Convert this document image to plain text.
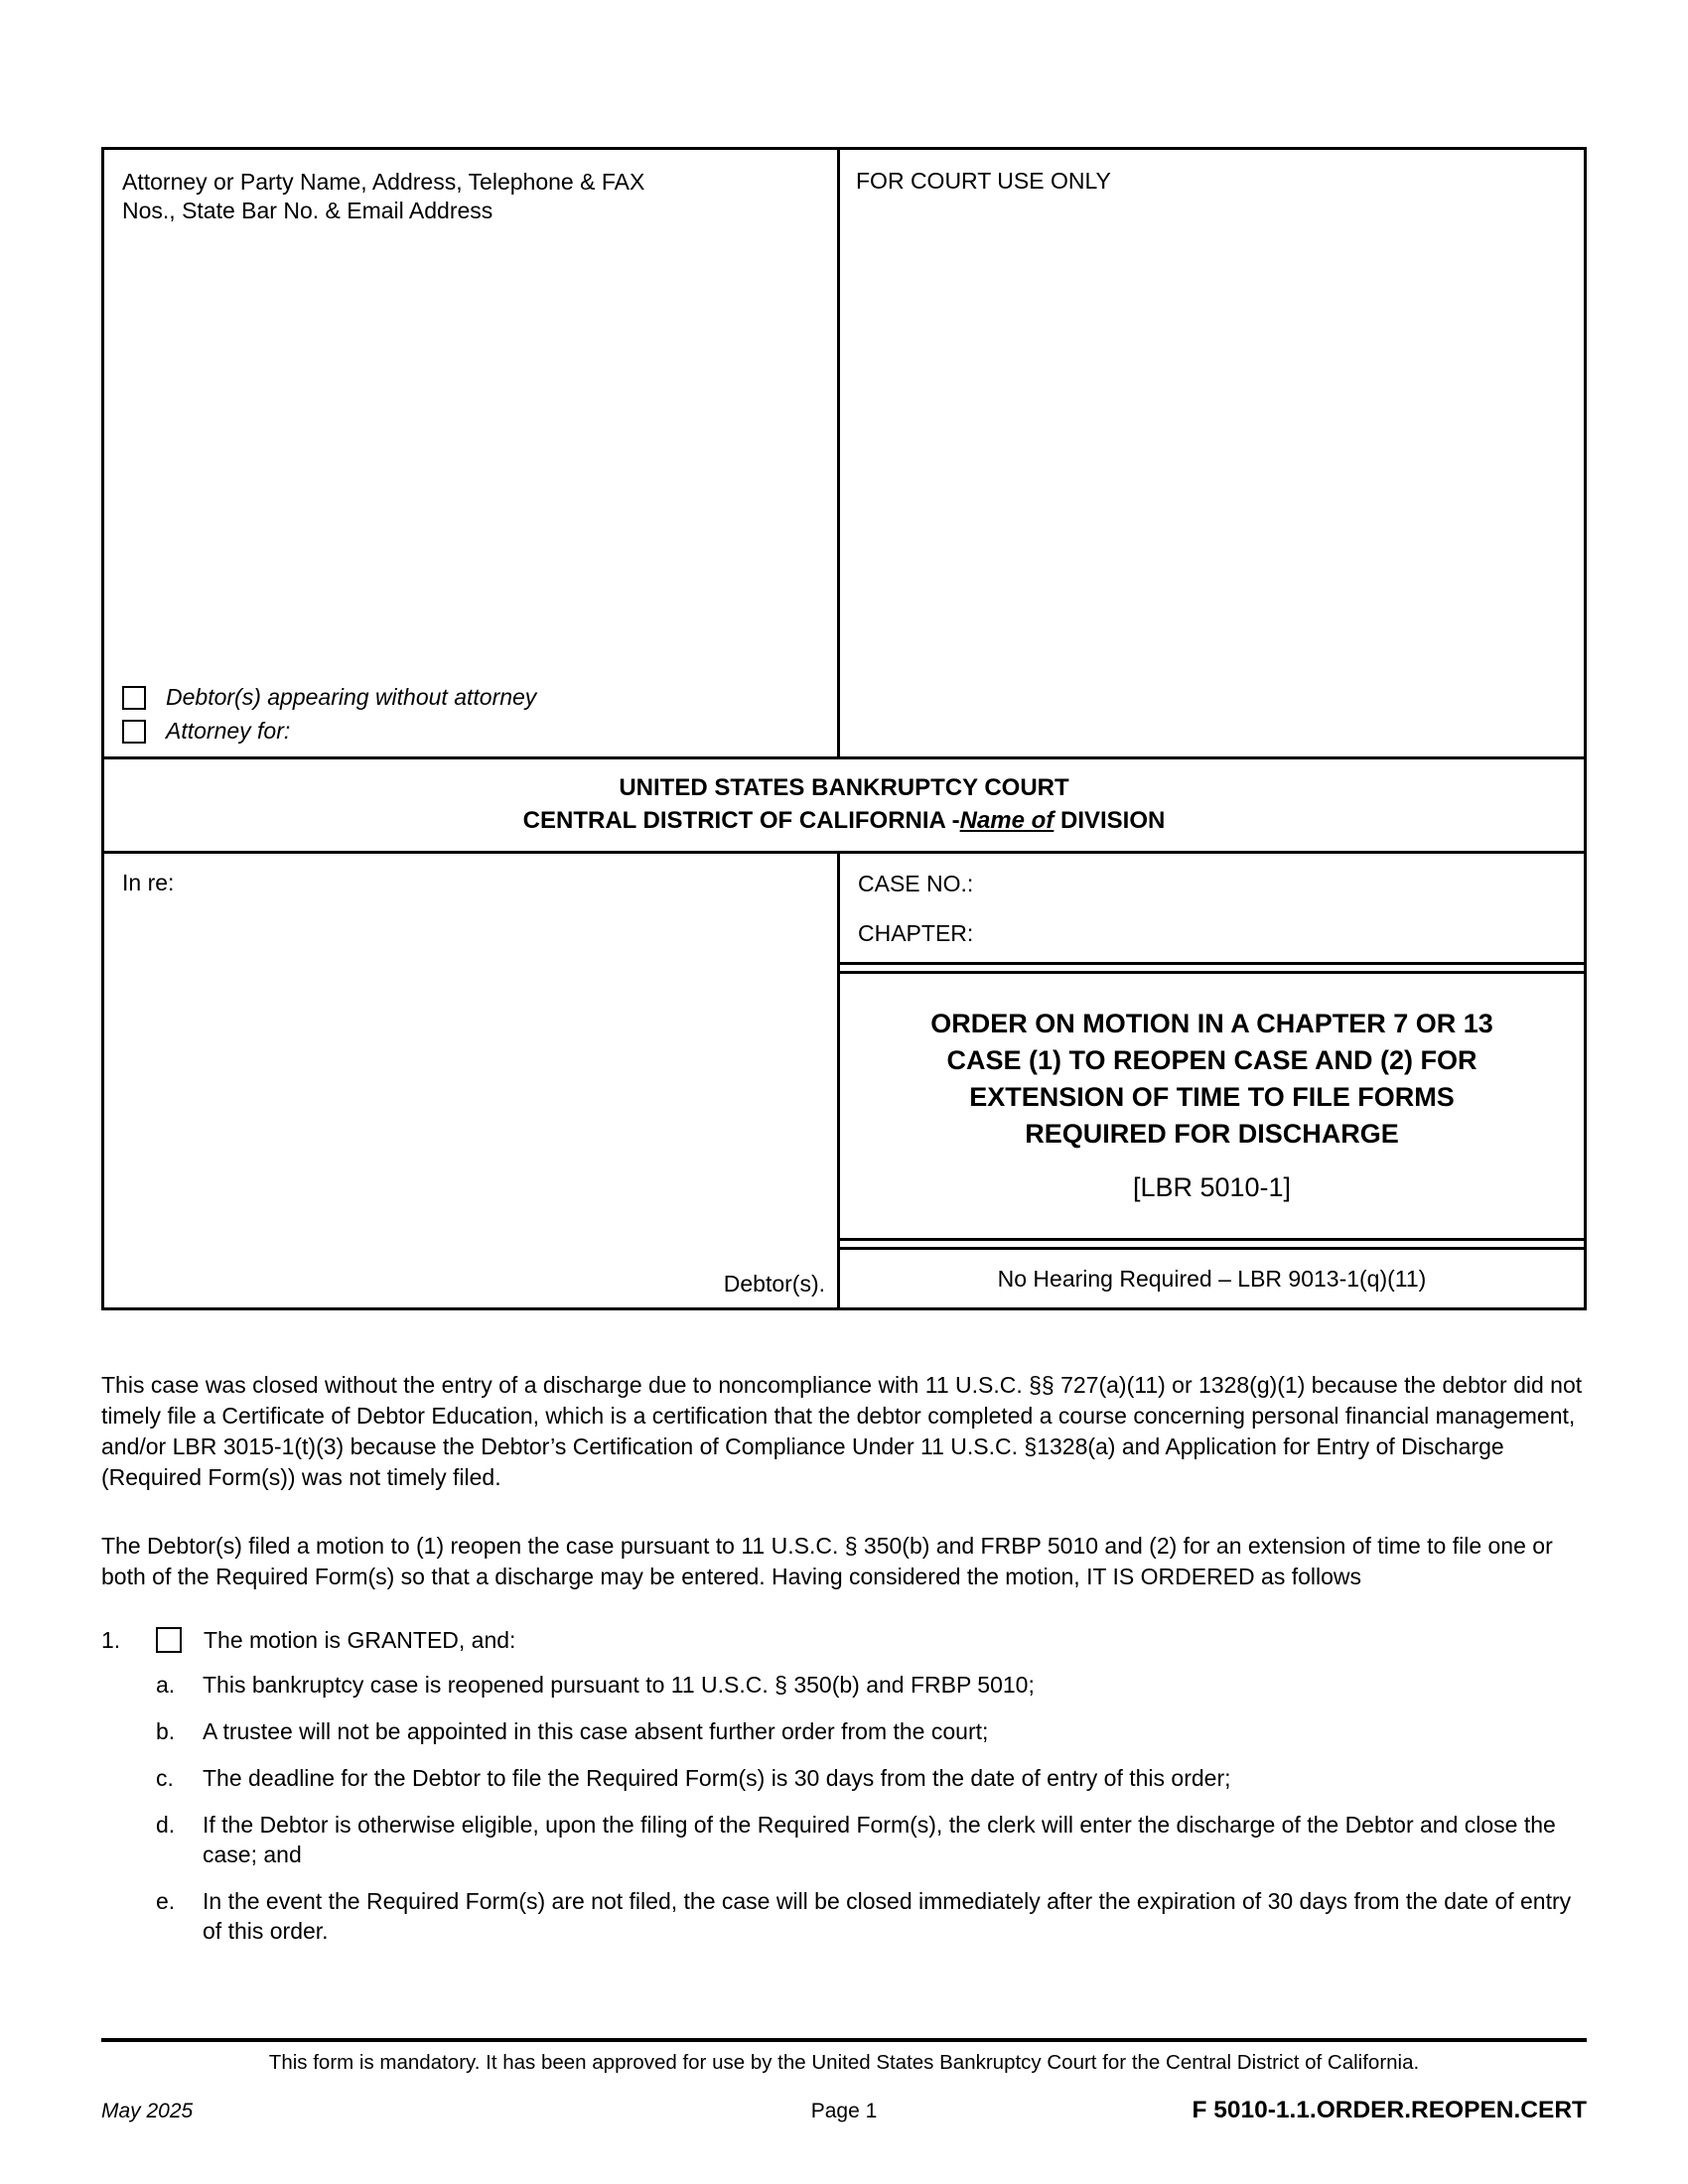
Attorney or Party Name, Address, Telephone & FAX Nos., State Bar No. & Email Address
Debtor(s) appearing without attorney
Attorney for:
FOR COURT USE ONLY
UNITED STATES BANKRUPTCY COURT
CENTRAL DISTRICT OF CALIFORNIA -Name of DIVISION
In re:
Debtor(s).
CASE NO.:
CHAPTER:
ORDER ON MOTION IN A CHAPTER 7 OR 13
CASE (1) TO REOPEN CASE AND (2) FOR
EXTENSION OF TIME TO FILE FORMS
REQUIRED FOR DISCHARGE
[LBR 5010-1]
No Hearing Required – LBR 9013-1(q)(11)

This case was closed without the entry of a discharge due to noncompliance with 11 U.S.C. §§ 727(a)(11) or 1328(g)(1) because the debtor did not timely file a Certificate of Debtor Education, which is a certification that the debtor completed a course concerning personal financial management, and/or LBR 3015-1(t)(3) because the Debtor’s Certification of Compliance Under 11 U.S.C. §1328(a) and Application for Entry of Discharge (Required Form(s)) was not timely filed.

The Debtor(s) filed a motion to (1) reopen the case pursuant to 11 U.S.C. § 350(b) and FRBP 5010 and (2) for an extension of time to file one or both of the Required Form(s) so that a discharge may be entered. Having considered the motion, IT IS ORDERED as follows

1.	The motion is GRANTED, and:
a.	This bankruptcy case is reopened pursuant to 11 U.S.C. § 350(b) and FRBP 5010;
b.	A trustee will not be appointed in this case absent further order from the court;
c.	The deadline for the Debtor to file the Required Form(s) is 30 days from the date of entry of this order;
d.	If the Debtor is otherwise eligible, upon the filing of the Required Form(s), the clerk will enter the discharge of the Debtor and close the case; and
e.	In the event the Required Form(s) are not filed, the case will be closed immediately after the expiration of 30 days from the date of entry of this order.
This form is mandatory. It has been approved for use by the United States Bankruptcy Court for the Central District of California.
May 2025	Page 1	F 5010-1.1.ORDER.REOPEN.CERT
